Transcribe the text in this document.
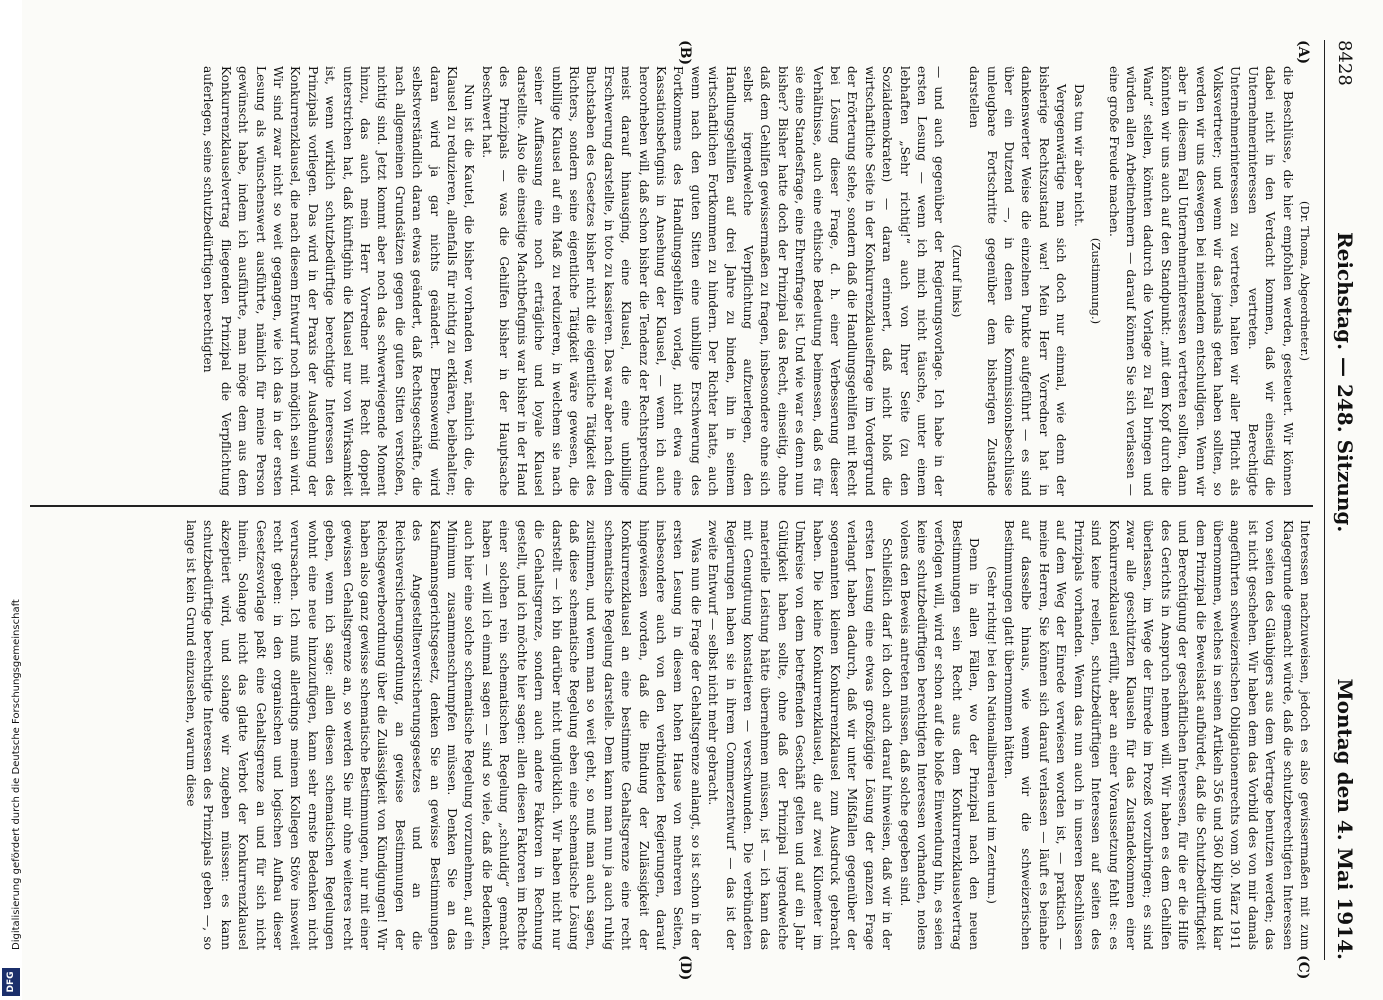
8428
Reichstag. — 248. Sitzung.
Montag den 4. Mai 1914.
(A)
(B)
(C)
(D)

(Dr. Thoma, Abgeordneter.)

die Beschlüsse, die hier empfohlen werden, gesteuert. Wir können dabei nicht in den Verdacht kommen, daß wir einseitig die Unternehmerinteressen vertreten. Berechtigte Unternehmerinteressen zu vertreten, halten wir aller Pflicht als Volksvertreter; und wenn wir das jemals getan haben sollten, so werden wir uns deswegen bei niemandem entschuldigen. Wenn wir aber in diesem Fall Unternehmerinteressen vertreten sollten, dann könnten wir uns auch auf den Standpunkt: „mit dem Kopf durch die Wand“ stellen, könnten dadurch die Vorlage zu Fall bringen und würden allen Arbeitnehmern — darauf können Sie sich verlassen — eine große Freude machen.

(Zustimmung.)

Das tun wir aber nicht.

Vergegenwärtige man sich doch nur einmal, wie denn der bisherige Rechtszustand war! Mein Herr Vorredner hat in dankenswerter Weise die einzelnen Punkte aufgeführt — es sind über ein Dutzend —, in denen die Kommissionsbeschlüsse unleugbare Fortschritte gegenüber dem bisherigen Zustande darstellen

(Zuruf links)

— und auch gegenüber der Regierungsvorlage. Ich habe in der ersten Lesung — wenn ich mich nicht täusche, unter einem lebhaften „Sehr richtig!“ auch von Ihrer Seite (zu den Sozialdemokraten) — daran erinnert, daß nicht bloß die wirtschaftliche Seite in der Konkurrenzklauselfrage im Vordergrund der Erörterung stehe, sondern daß die Handlungsgehilfen mit Recht bei Lösung dieser Frage, d. h. einer Verbesserung dieser Verhältnisse, auch eine ethische Bedeutung beimessen, daß es für sie eine Standesfrage, eine Ehrenfrage ist. Und wie war es denn nun bisher? Bisher hatte doch der Prinzipal das Recht, einseitig, ohne daß dem Gehilfen gewissermaßen zu fragen, insbesondere ohne sich selbst irgendwelche Verpflichtung aufzuerlegen, den Handlungsgehilfen auf drei Jahre zu binden, ihn in seinem wirtschaftlichen Fortkommen zu hindern. Der Richter hatte, auch wenn nach den guten Sitten eine unbillige Erschwerung des Fortkommens des Handlungsgehilfen vorlag, nicht etwa eine Kassationsbefugnis in Ansehung der Klausel, — wenn ich auch heroorheben will, daß schon bisher die Tendenz der Rechtsprechung meist darauf hinausging, eine Klausel, die eine unbillige Erschwerung darstellte, in toto zu kassieren. Das war aber nach dem Buchstaben des Gesetzes bisher nicht die eigentliche Tätigkeit des Richters, sondern seine eigentliche Tätigkeit wäre gewesen, die unbillige Klausel auf ein Maß zu reduzieren, in welchem sie nach seiner Auffassung eine noch erträgliche und loyale Klausel darstellte. Also die einseitige Machtbefugnis war bisher in der Hand des Prinzipals — was die Gehilfen bisher in der Hauptsache beschwert hat.

Nun ist die Kautel, die bisher vorhanden war, nämlich die, die Klausel zu reduzieren, allenfalls für nichtig zu erklären, beibehalten; daran wird ja gar nichts geändert. Ebensowenig wird selbstverständlich daran etwas geändert, daß Rechtsgeschäfte, die nach allgemeinen Grundsätzen gegen die guten Sitten verstoßen, nichtig sind. Jetzt kommt aber noch das schwerwiegende Moment hinzu, das auch mein Herr Vorredner mit Recht doppelt unterstrichen hat, daß künftighin die Klausel nur von Wirksamkeit ist, wenn wirklich schutzbedürftige berechtigte Interessen des Prinzipals vorliegen. Das wird in der Praxis der Ausdehnung der Konkurrenzklausel, die nach diesem Entwurf noch möglich sein wird. Wir sind zwar nicht so weit gegangen, wie ich das in der ersten Lesung als wünschenswert ausführte, nämlich für meine Person gewünscht habe, indem ich ausführte, man möge dem aus dem Konkurrenzklauselvertrag fliegenden Prinzipal die Verpflichtung auferlegen, seine schutzbedürftigen berechtigten

Interessen nachzuweisen, jedoch es also gewissermaßen mit zum Klagegrunde gemacht würde, daß die schutzberechtigten Interessen von seiten des Gläubigers aus dem Vertrage benutzen werden; das ist nicht geschehen. Wir haben dem das Vorbild des von mir damals angeführten schweizerischen Obligationenrechts vom 30. März 1911 übernommen, welches in seinen Artikeln 356 und 360 klipp und klar dem Prinzipal die Beweislast aufbürdet, daß die Schutzbedürftigkeit und Berechtigung der geschäftlichen Interessen, für die er die Hilfe des Gerichts in Anspruch nehmen will. Wir haben es dem Gehilfen überlassen, im Wege der Einrede im Prozeß vorzubringen; es sind zwar alle geschützten Klauseln für das Zustandekommen einer Konkurrenzklausel erfüllt, aber an einer Voraussetzung fehlt es: es sind keine reellen, schutzbedürftigen Interessen auf seiten des Prinzipals vorhanden. Wenn das nun auch in unseren Beschlüssen auf dem Weg der Einrede verwiesen worden ist, — praktisch — meine Herren, Sie können sich darauf verlassen — läuft es beinahe auf dasselbe hinaus, wie wenn wir die schweizerischen Bestimmungen glatt übernommen hätten.

(Sehr richtig! bei den Nationalliberalen und im Zentrum.)

Denn in allen Fällen, wo der Prinzipal nach den neuen Bestimmungen sein Recht aus dem Konkurrenzklauselvertrag verfolgen will, wird er schon auf die bloße Einwendung hin, es seien keine schutzbedürftigen berechtigten Interessen vorhanden, nolens volens den Beweis antreten müssen, daß solche gegeben sind.

Schließlich darf ich doch auch darauf hinweisen, daß wir in der ersten Lesung eine etwas großzügige Lösung der ganzen Frage verlangt haben dadurch, daß wir unter Mißfallen gegenüber der sogenannten kleinen Konkurrenzklausel zum Ausdruck gebracht haben. Die kleine Konkurrenzklausel, die auf zwei Kilometer im Umkreise von dem betreffenden Geschäft gelten und auf ein Jahr Gültigkeit haben sollte, ohne daß der Prinzipal irgendwelche materielle Leistung hätte übernehmen müssen, ist — ich kann das mit Genugtuung konstatieren — verschwunden. Die verbündeten Regierungen haben sie in ihrem Commerzentwurf — das ist der zweite Entwurf — selbst nicht mehr gebracht.

Was nun die Frage der Gehaltsgrenze anlangt, so ist schon in der ersten Lesung in diesem hohen Hause von mehreren Seiten, insbesondere auch von den verbündeten Regierungen, darauf hingewiesen worden, daß die Bindung der Zulässigkeit der Konkurrenzklausel an eine bestimmte Gehaltsgrenze eine recht schematische Regelung darstelle. Dem kann man nun ja auch ruhig zustimmen, und wenn man so weit geht, so muß man auch sagen, daß diese schematische Regelung eben eine schematische Lösung darstellt — ich bin darüber nicht unglücklich. Wir haben nicht nur die Gehaltsgrenze, sondern auch andere Faktoren in Rechnung gestellt, und ich möchte hier sagen: allen diesen Faktoren im Rechte einer solchen rein schematischen Regelung „schuldig“ gemacht haben — will ich einmal sagen — sind so viele, daß die Bedenken, auch hier eine solche schematische Regelung vorzunehmen, auf ein Minimum zusammenschrumpfen müssen. Denken Sie an das Kaufmannsgerichtsgesetz, denken Sie an gewisse Bestimmungen des Angestelltenversicherungsgesetzes und an die Reichsversicherungsordnung, an gewisse Bestimmungen der Reichsgewerbeordnung über die Zulässigkeit von Kündigungen! Wir haben also ganz gewisse schematische Bestimmungen, nur mit einer gewissen Gehaltsgrenze an, so werden Sie mir ohne weiteres recht geben, wenn ich sage: allen diesen schematischen Regelungen wohnt eine neue hinzuzufügen, kann sehr ernste Bedenken nicht verursachen. Ich muß allerdings meinem Kollegen Stöve insoweit recht geben: in den organischen und logischen Aufbau dieser Gesetzesvorlage paßt eine Gehaltsgrenze an und für sich nicht hinein. Solange nicht das glatte Verbot der Konkurrenzklausel akzeptiert wird, und solange wir zugeben müssen: es kann schutzbedürftige berechtigte Interessen des Prinzipals geben —, so lange ist kein Grund einzusehen, warum diese

Digitalisierung gefördert durch die Deutsche Forschungsgemeinschaft
DFG
